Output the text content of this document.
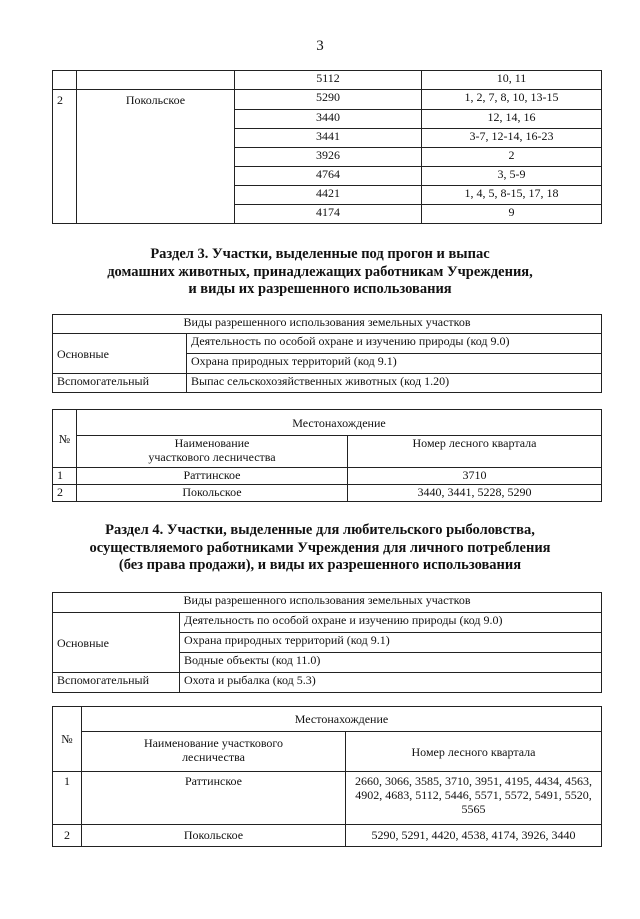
3
		5112	10, 11
2	Покольское	5290	1, 2, 7, 8, 10, 13-15
		3440	12, 14, 16
		3441	3-7, 12-14, 16-23
		3926	2
		4764	3, 5-9
		4421	1, 4, 5, 8-15, 17, 18
		4174	9
Раздел 3. Участки, выделенные под прогон и выпас
домашних животных, принадлежащих работникам Учреждения,
и виды их разрешенного использования
Виды разрешенного использования земельных участков	
Основные	Деятельность по особой охране и изучению природы (код 9.0)
	Охрана природных территорий (код 9.1)
Вспомогательный	Выпас сельскохозяйственных животных (код 1.20)
№	Местонахождение	
	Наименование участкового лесничества	Номер лесного квартала
1	Раттинское	3710
2	Покольское	3440, 3441, 5228, 5290
Раздел 4. Участки, выделенные для любительского рыболовства,
осуществляемого работниками Учреждения для личного потребления
(без права продажи), и виды их разрешенного использования
Виды разрешенного использования земельных участков	
Основные	Деятельность по особой охране и изучению природы (код 9.0)
	Охрана природных территорий (код 9.1)
	Водные объекты (код 11.0)
Вспомогательный	Охота и рыбалка (код 5.3)
№	Местонахождение	
	Наименование участкового лесничества	Номер лесного квартала
1	Раттинское	2660, 3066, 3585, 3710, 3951, 4195, 4434, 4563, 4902, 4683, 5112, 5446, 5571, 5572, 5491, 5520, 5565
2	Покольское	5290, 5291, 4420, 4538, 4174, 3926, 3440
